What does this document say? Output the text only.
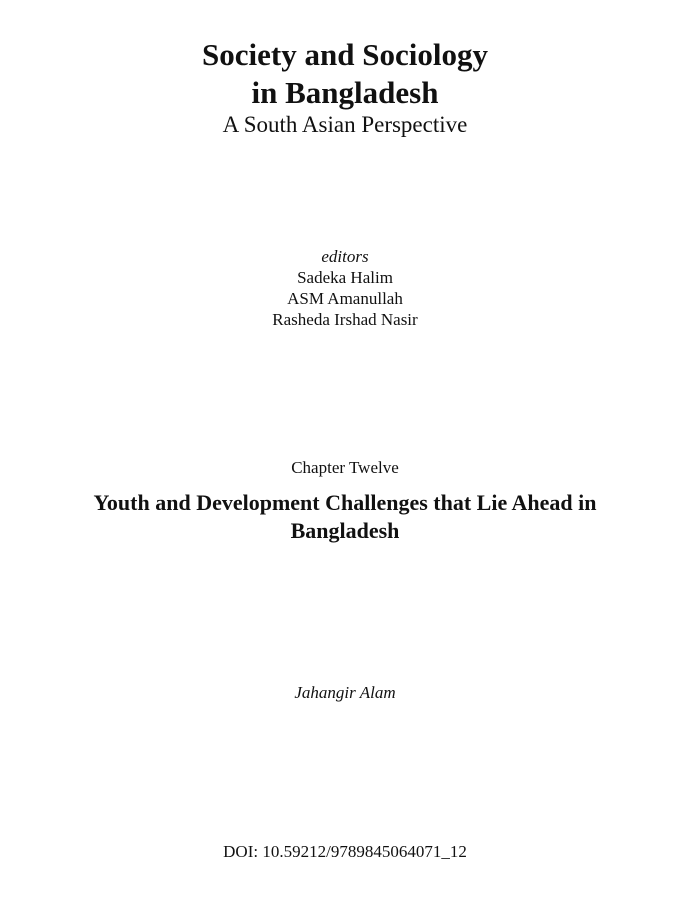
Society and Sociology
in Bangladesh
A South Asian Perspective
editors
Sadeka Halim
ASM Amanullah
Rasheda Irshad Nasir
Chapter Twelve
Youth and Development Challenges that Lie Ahead in Bangladesh
Jahangir Alam
DOI: 10.59212/9789845064071_12
